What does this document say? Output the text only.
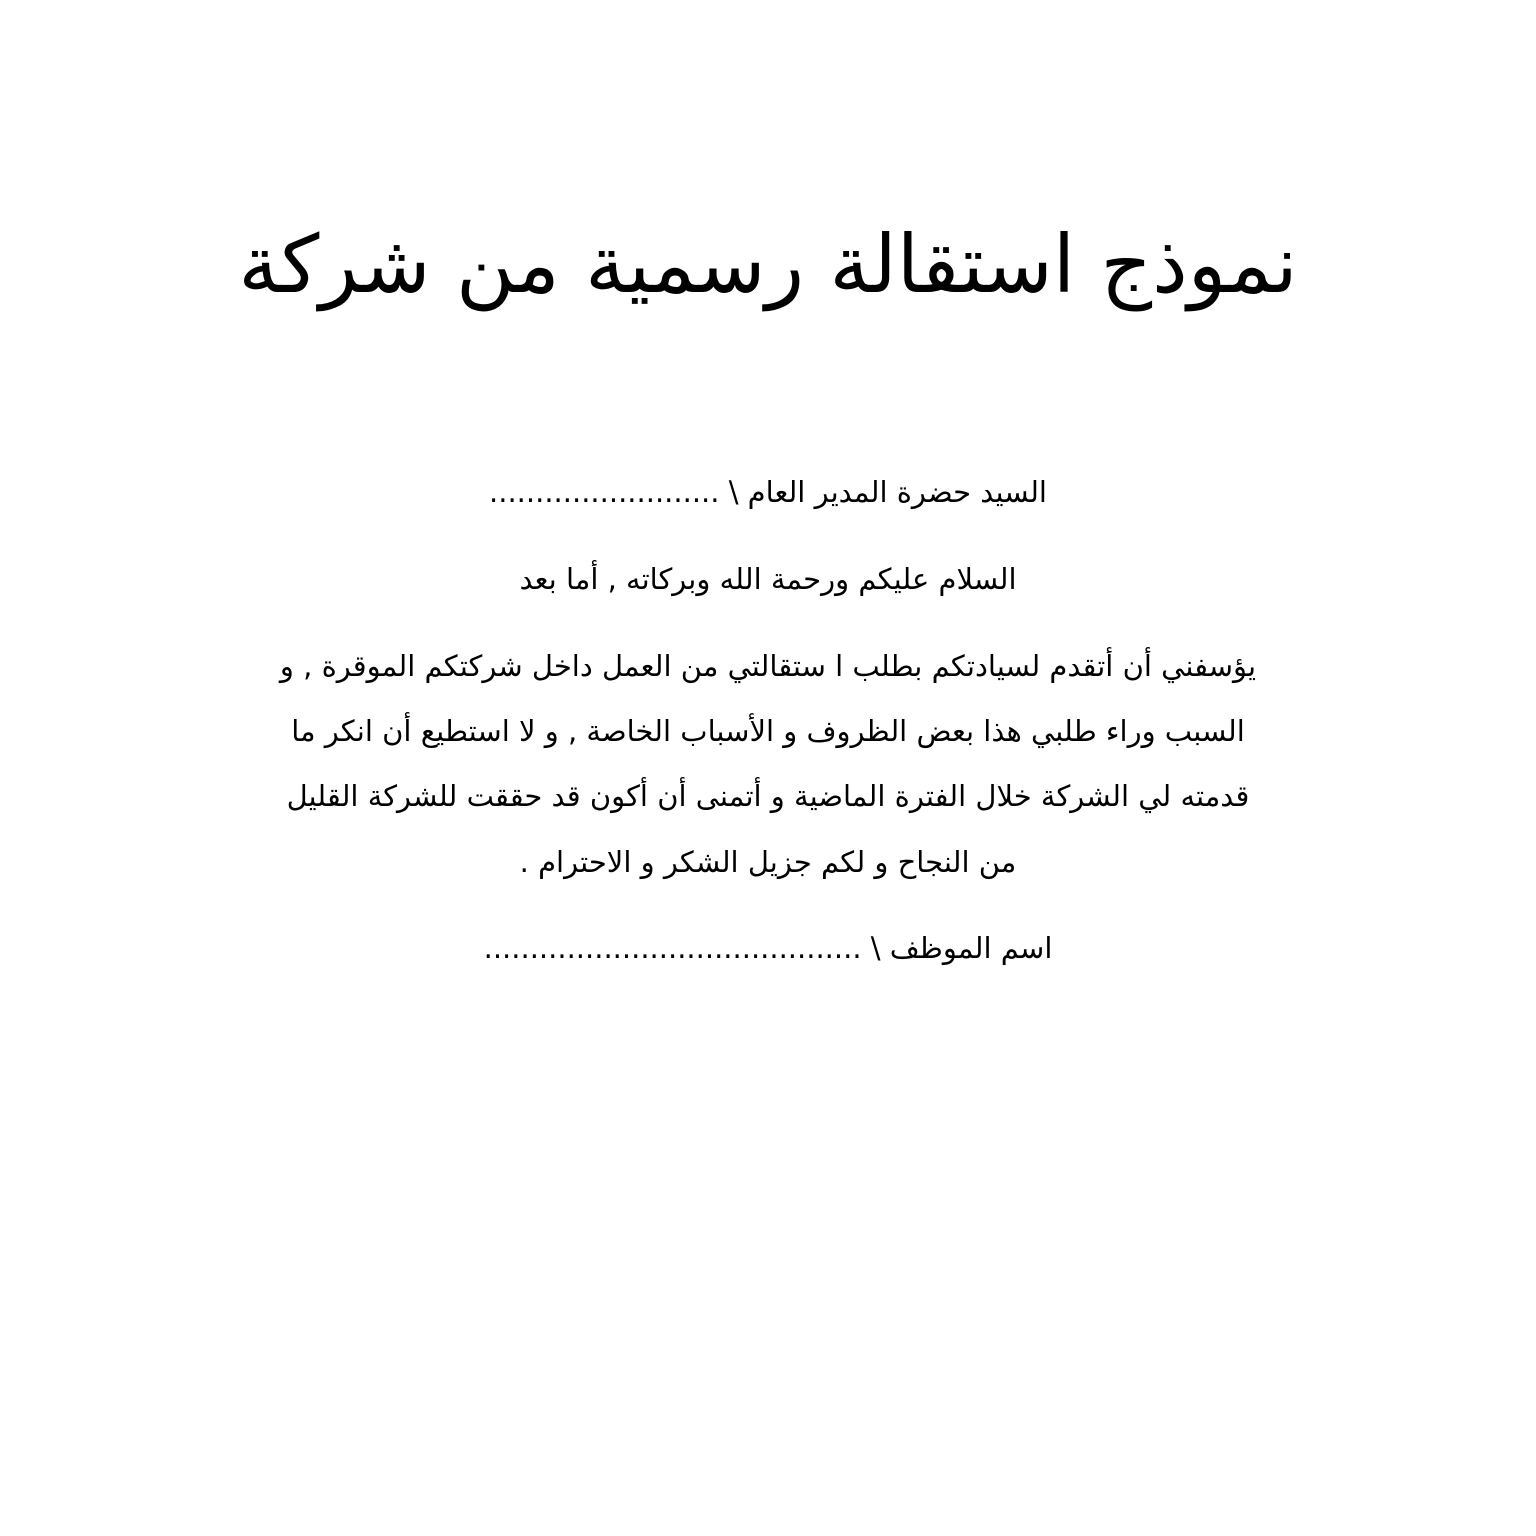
نموذج استقالة رسمية من شركة

السيد حضرة المدير العام \ .........................

السلام عليكم ورحمة الله وبركاته , أما بعد

يؤسفني أن أتقدم لسيادتكم بطلب ا ستقالتي من العمل داخل شركتكم الموقرة , و

السبب وراء طلبي هذا بعض الظروف و الأسباب الخاصة , و لا استطيع أن انكر ما

قدمته لي الشركة خلال الفترة الماضية و أتمنى أن أكون قد حققت للشركة القليل

من النجاح و لكم جزيل الشكر و الاحترام .

اسم الموظف \ .........................................
